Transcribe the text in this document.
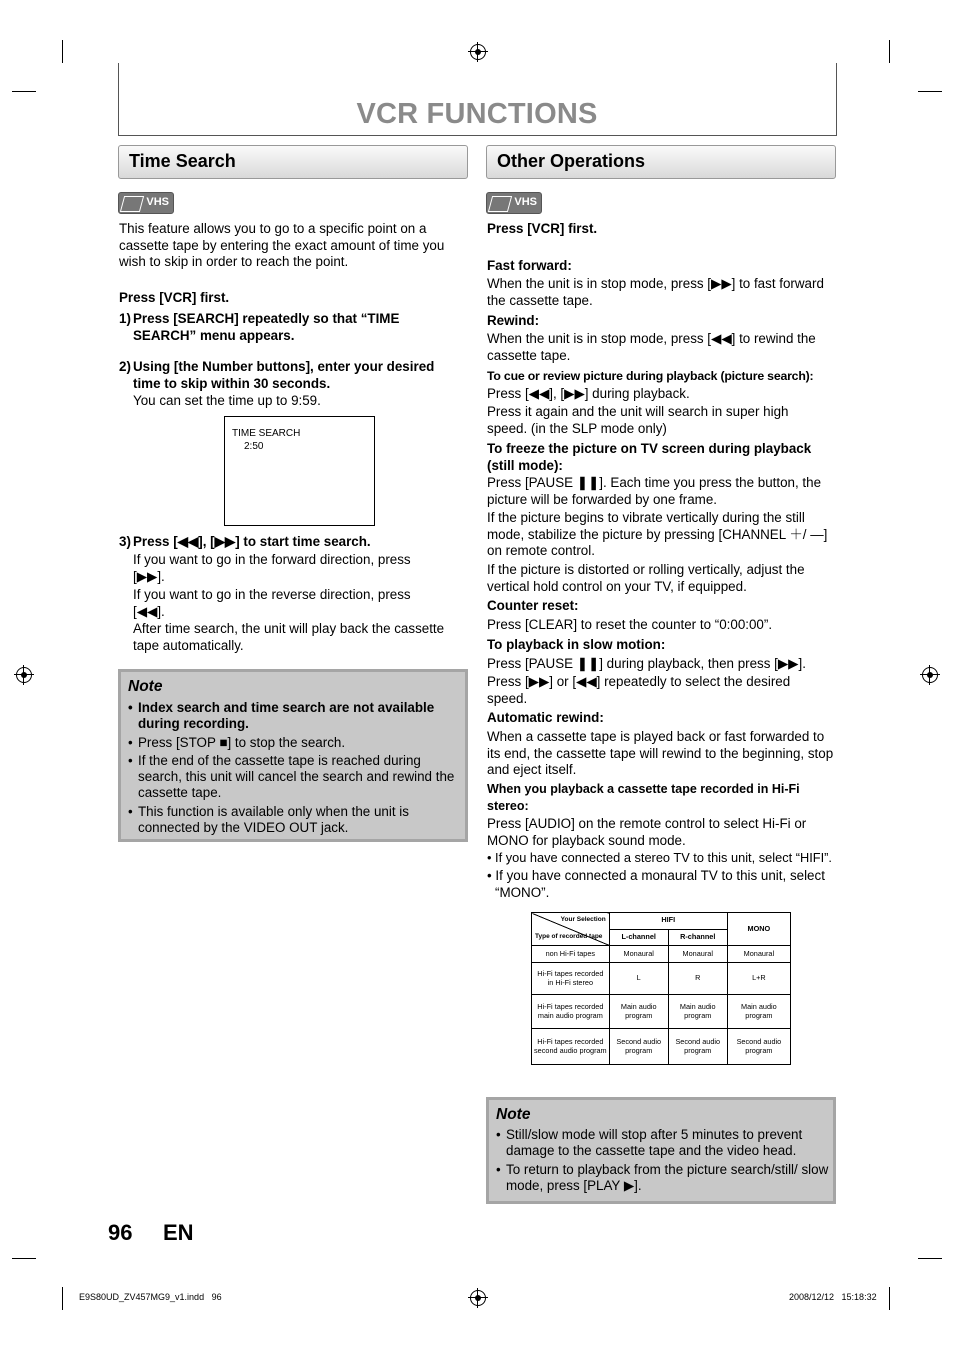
VCR FUNCTIONS
Time Search
VHS
This feature allows you to go to a specific point on a cassette tape by entering the exact amount of time you wish to skip in order to reach the point.
Press [VCR] first.
1) Press [SEARCH] repeatedly so that “TIME SEARCH” menu appears.
2) Using [the Number buttons], enter your desired time to skip within 30 seconds.
You can set the time up to 9:59.
TIME SEARCH
2:50
3) Press [◀◀], [▶▶] to start time search.
If you want to go in the forward direction, press [▶▶].
If you want to go in the reverse direction, press [◀◀].
After time search, the unit will play back the cassette tape automatically.
Note
• Index search and time search are not available during recording.
• Press [STOP ■] to stop the search.
• If the end of the cassette tape is reached during search, this unit will cancel the search and rewind the cassette tape.
• This function is available only when the unit is connected by the VIDEO OUT jack.
Other Operations
VHS
Press [VCR] first.
Fast forward:
When the unit is in stop mode, press [▶▶] to fast forward the cassette tape.
Rewind:
When the unit is in stop mode, press [◀◀] to rewind the cassette tape.
To cue or review picture during playback (picture search):
Press [◀◀], [▶▶] during playback.
Press it again and the unit will search in super high speed. (in the SLP mode only)
To freeze the picture on TV screen during playback (still mode):
Press [PAUSE ❚❚]. Each time you press the button, the picture will be forwarded by one frame.
If the picture begins to vibrate vertically during the still mode, stabilize the picture by pressing [CHANNEL ＋/ —] on remote control.
If the picture is distorted or rolling vertically, adjust the vertical hold control on your TV, if equipped.
Counter reset:
Press [CLEAR] to reset the counter to “0:00:00”.
To playback in slow motion:
Press [PAUSE ❚❚] during playback, then press [▶▶].
Press [▶▶] or [◀◀] repeatedly to select the desired speed.
Automatic rewind:
When a cassette tape is played back or fast forwarded to its end, the cassette tape will rewind to the beginning, stop and eject itself.
When you playback a cassette tape recorded in Hi-Fi stereo:
Press [AUDIO] on the remote control to select Hi-Fi or MONO for playback sound mode.
• If you have connected a stereo TV to this unit, select “HIFI”.
• If you have connected a monaural TV to this unit, select “MONO”.
Your Selection
Type of recorded tape	HIFI		MONO
	L-channel	R-channel	
non Hi-Fi tapes	Monaural	Monaural	Monaural
Hi-Fi tapes recorded in Hi-Fi stereo	L	R	L+R
Hi-Fi tapes recorded main audio program	Main audio program	Main audio program	Main audio program
Hi-Fi tapes recorded second audio program	Second audio program	Second audio program	Second audio program
Note
• Still/slow mode will stop after 5 minutes to prevent damage to the cassette tape and the video head.
• To return to playback from the picture search/still/ slow mode, press [PLAY ▶].
96 EN
E9S80UD_ZV457MG9_v1.indd   96	2008/12/12   15:18:32
